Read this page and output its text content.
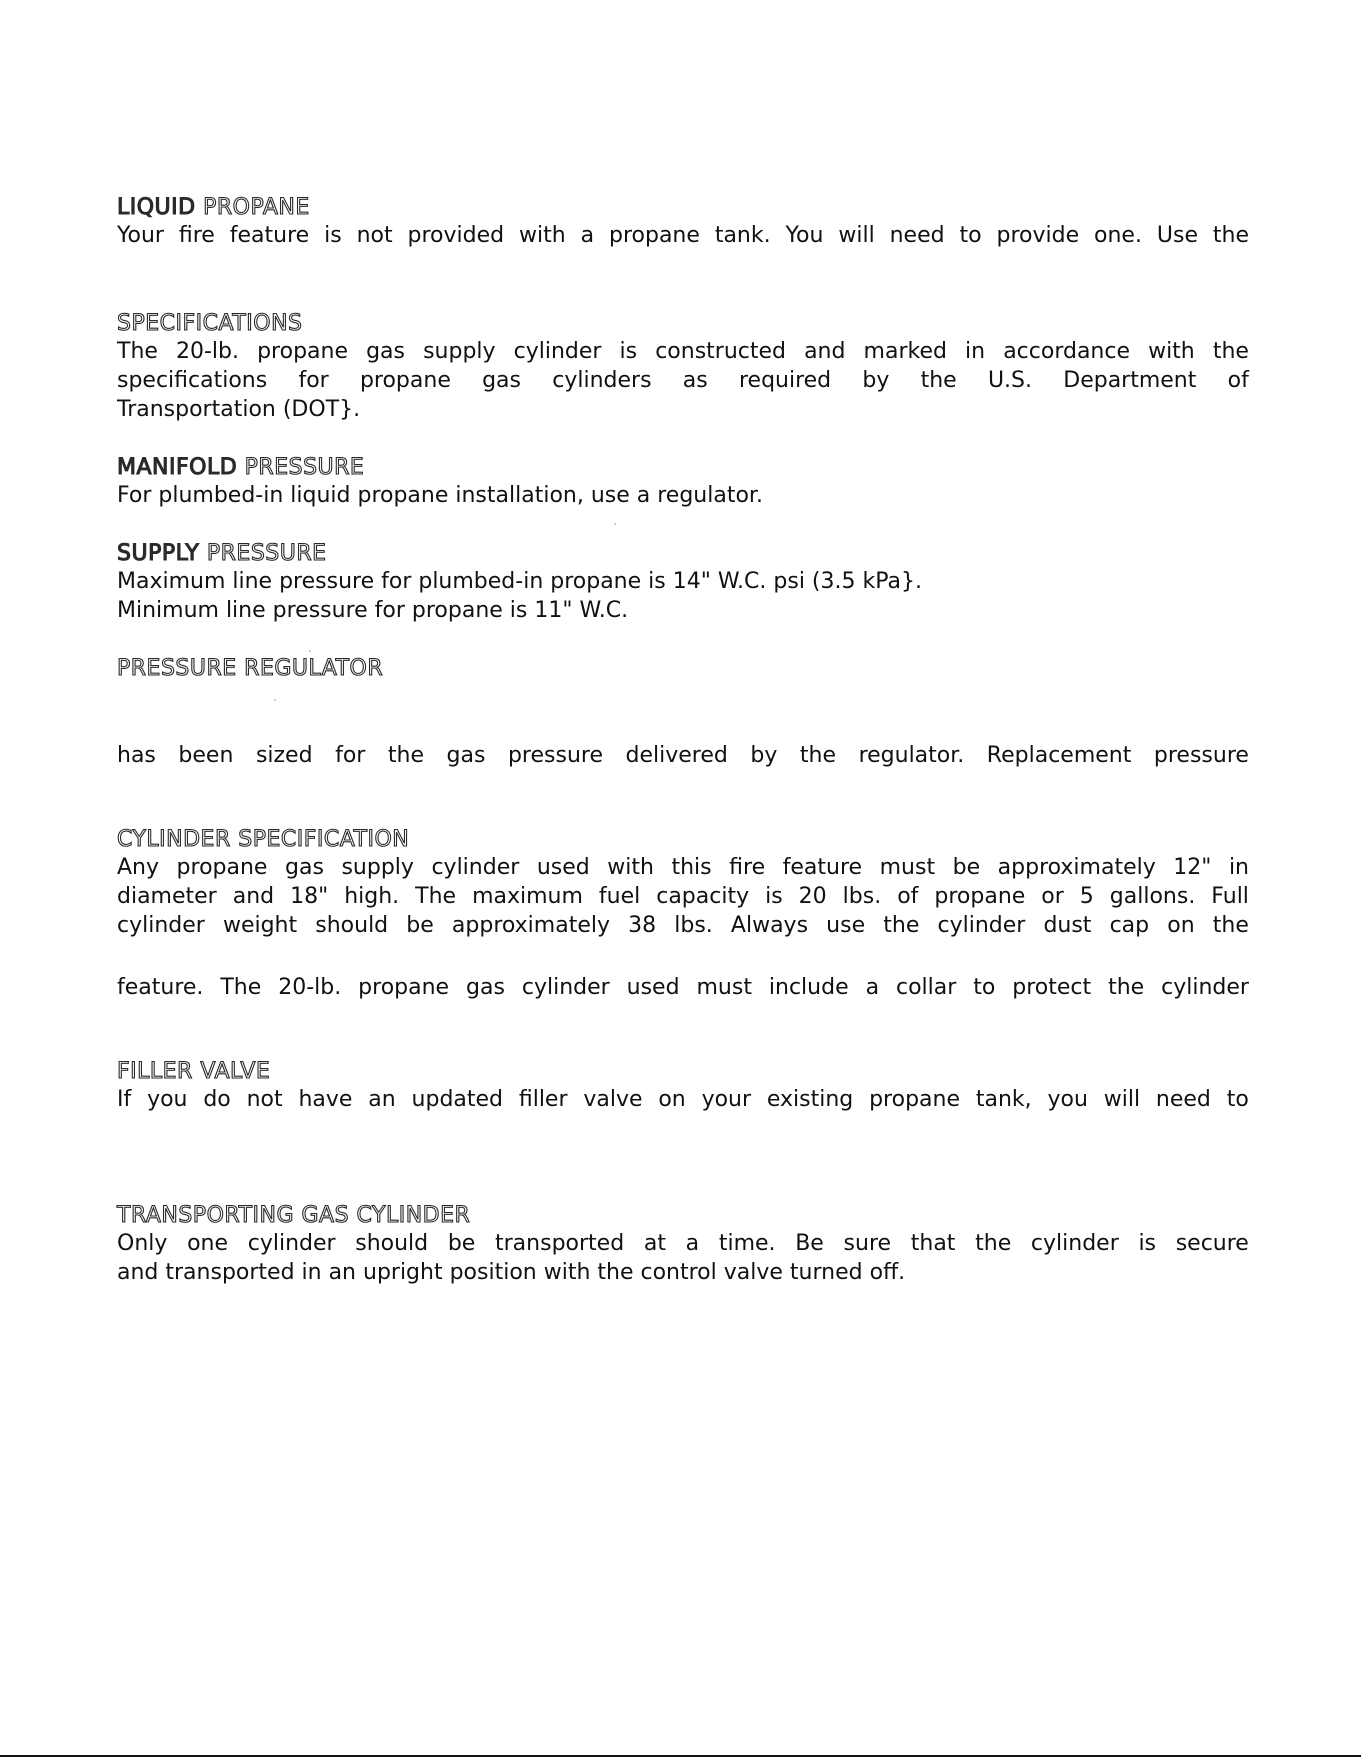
LIQUID PROPANE
Your fire feature is not provided with a propane tank. You will need to provide one. Use the
SPECIFICATIONS
The 20-lb. propane gas supply cylinder is constructed and marked in accordance with the
specifications for propane gas cylinders as required by the U.S. Department of
Transportation (DOT}.
MANIFOLD PRESSURE
For plumbed-in liquid propane installation, use a regulator.
SUPPLY PRESSURE
Maximum line pressure for plumbed-in propane is 14" W.C. psi (3.5 kPa}.
Minimum line pressure for propane is 11" W.C.
PRESSURE REGULATOR
has been sized for the gas pressure delivered by the regulator. Replacement pressure
CYLINDER SPECIFICATION
Any propane gas supply cylinder used with this fire feature must be approximately 12" in
diameter and 18" high. The maximum fuel capacity is 20 lbs. of propane or 5 gallons. Full
cylinder weight should be approximately 38 lbs. Always use the cylinder dust cap on the
feature. The 20-lb. propane gas cylinder used must include a collar to protect the cylinder
FILLER VALVE
If you do not have an updated filler valve on your existing propane tank, you will need to
TRANSPORTING GAS CYLINDER
Only one cylinder should be transported at a time. Be sure that the cylinder is secure
and transported in an upright position with the control valve turned off.
